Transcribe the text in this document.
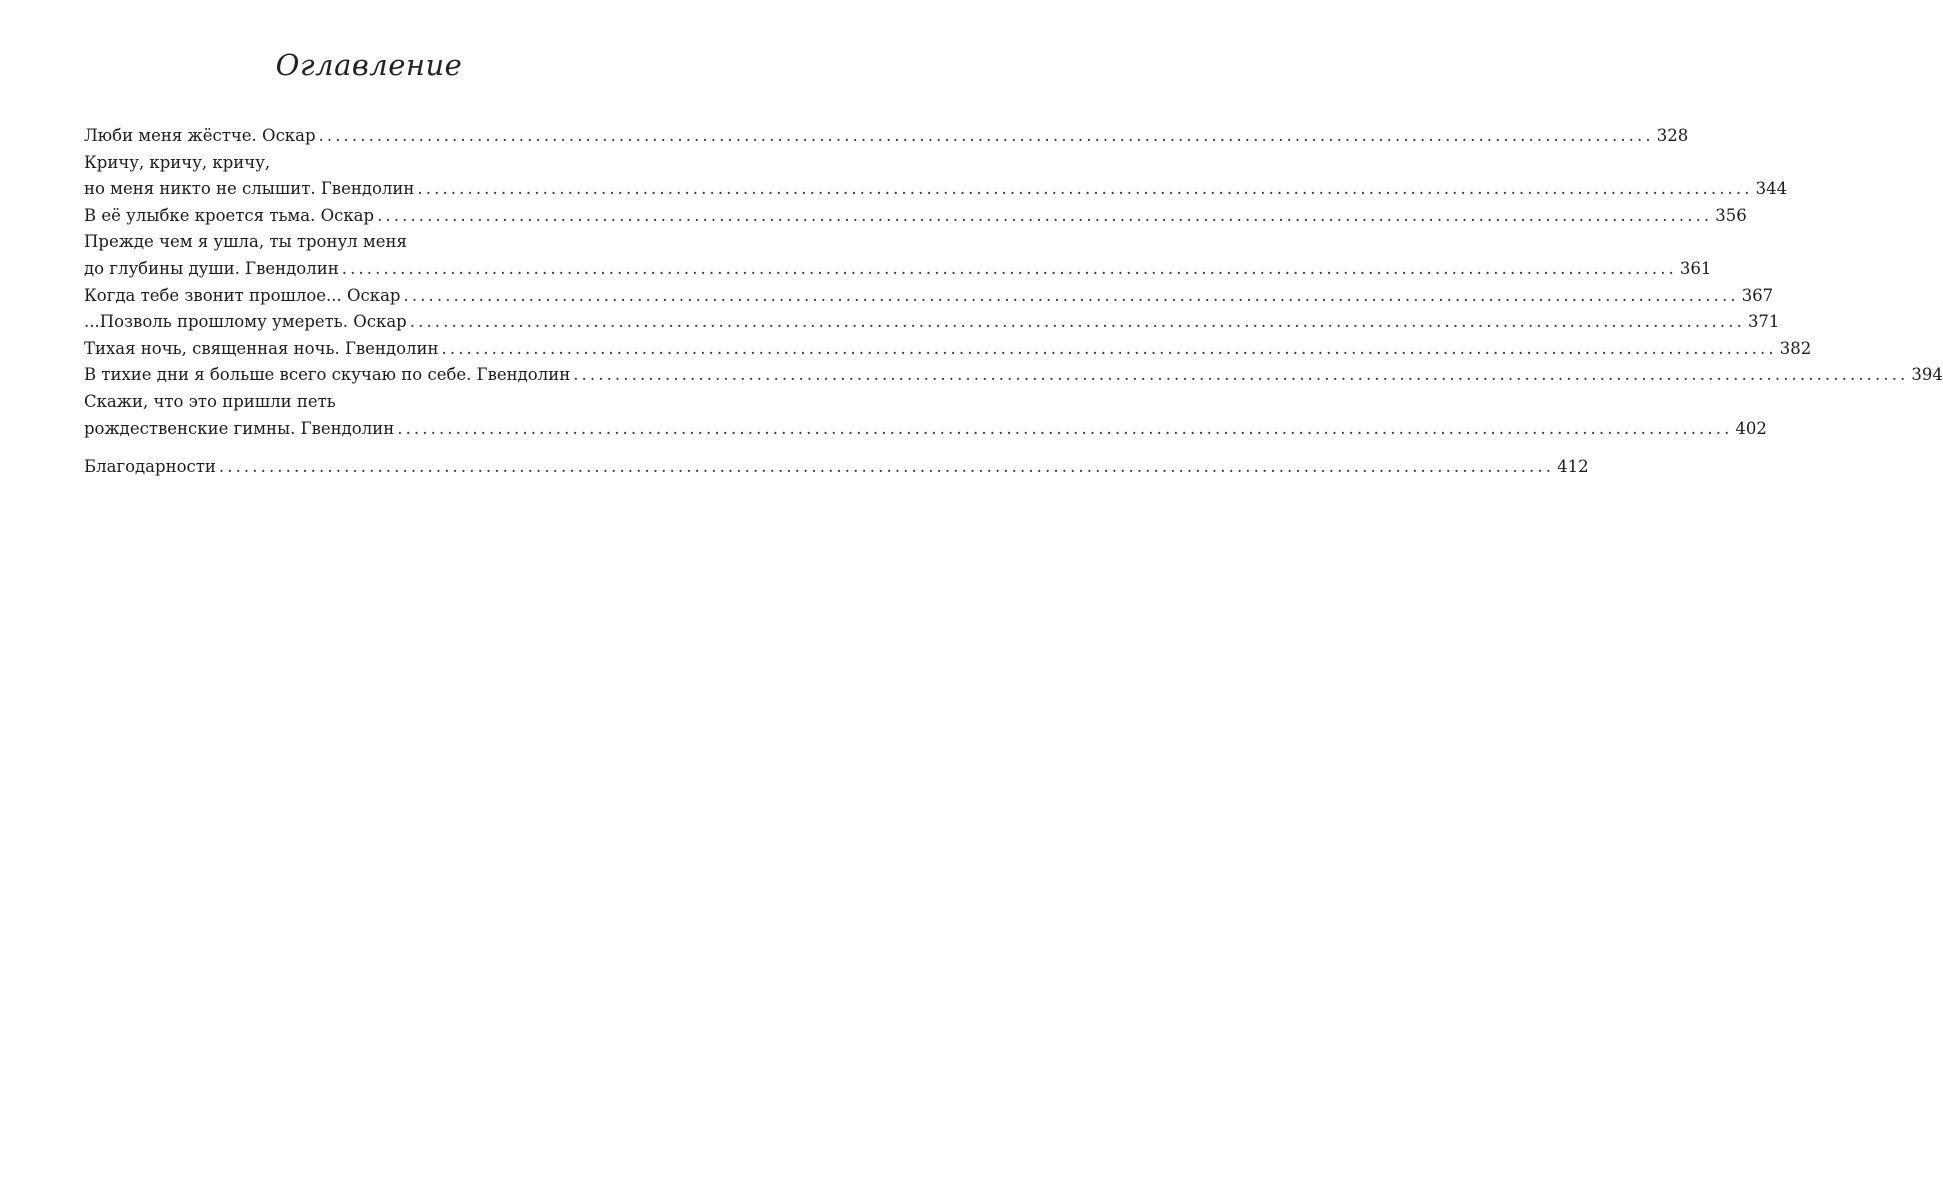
Оглавление
Люби меня жёстче. Оскар ................................................................................................................................................................ 328
Кричу, кричу, кричу,
но меня никто не слышит. Гвендолин ................................................................................................................................................................ 344
В её улыбке кроется тьма. Оскар ................................................................................................................................................................ 356
Прежде чем я ушла, ты тронул меня
до глубины души. Гвендолин ................................................................................................................................................................ 361
Когда тебе звонит прошлое... Оскар ................................................................................................................................................................ 367
...Позволь прошлому умереть. Оскар ................................................................................................................................................................ 371
Тихая ночь, священная ночь. Гвендолин ................................................................................................................................................................ 382
В тихие дни я больше всего скучаю по себе. Гвендолин ................................................................................................................................................................ 394
Скажи, что это пришли петь
рождественские гимны. Гвендолин ................................................................................................................................................................ 402
Благодарности ................................................................................................................................................................ 412
